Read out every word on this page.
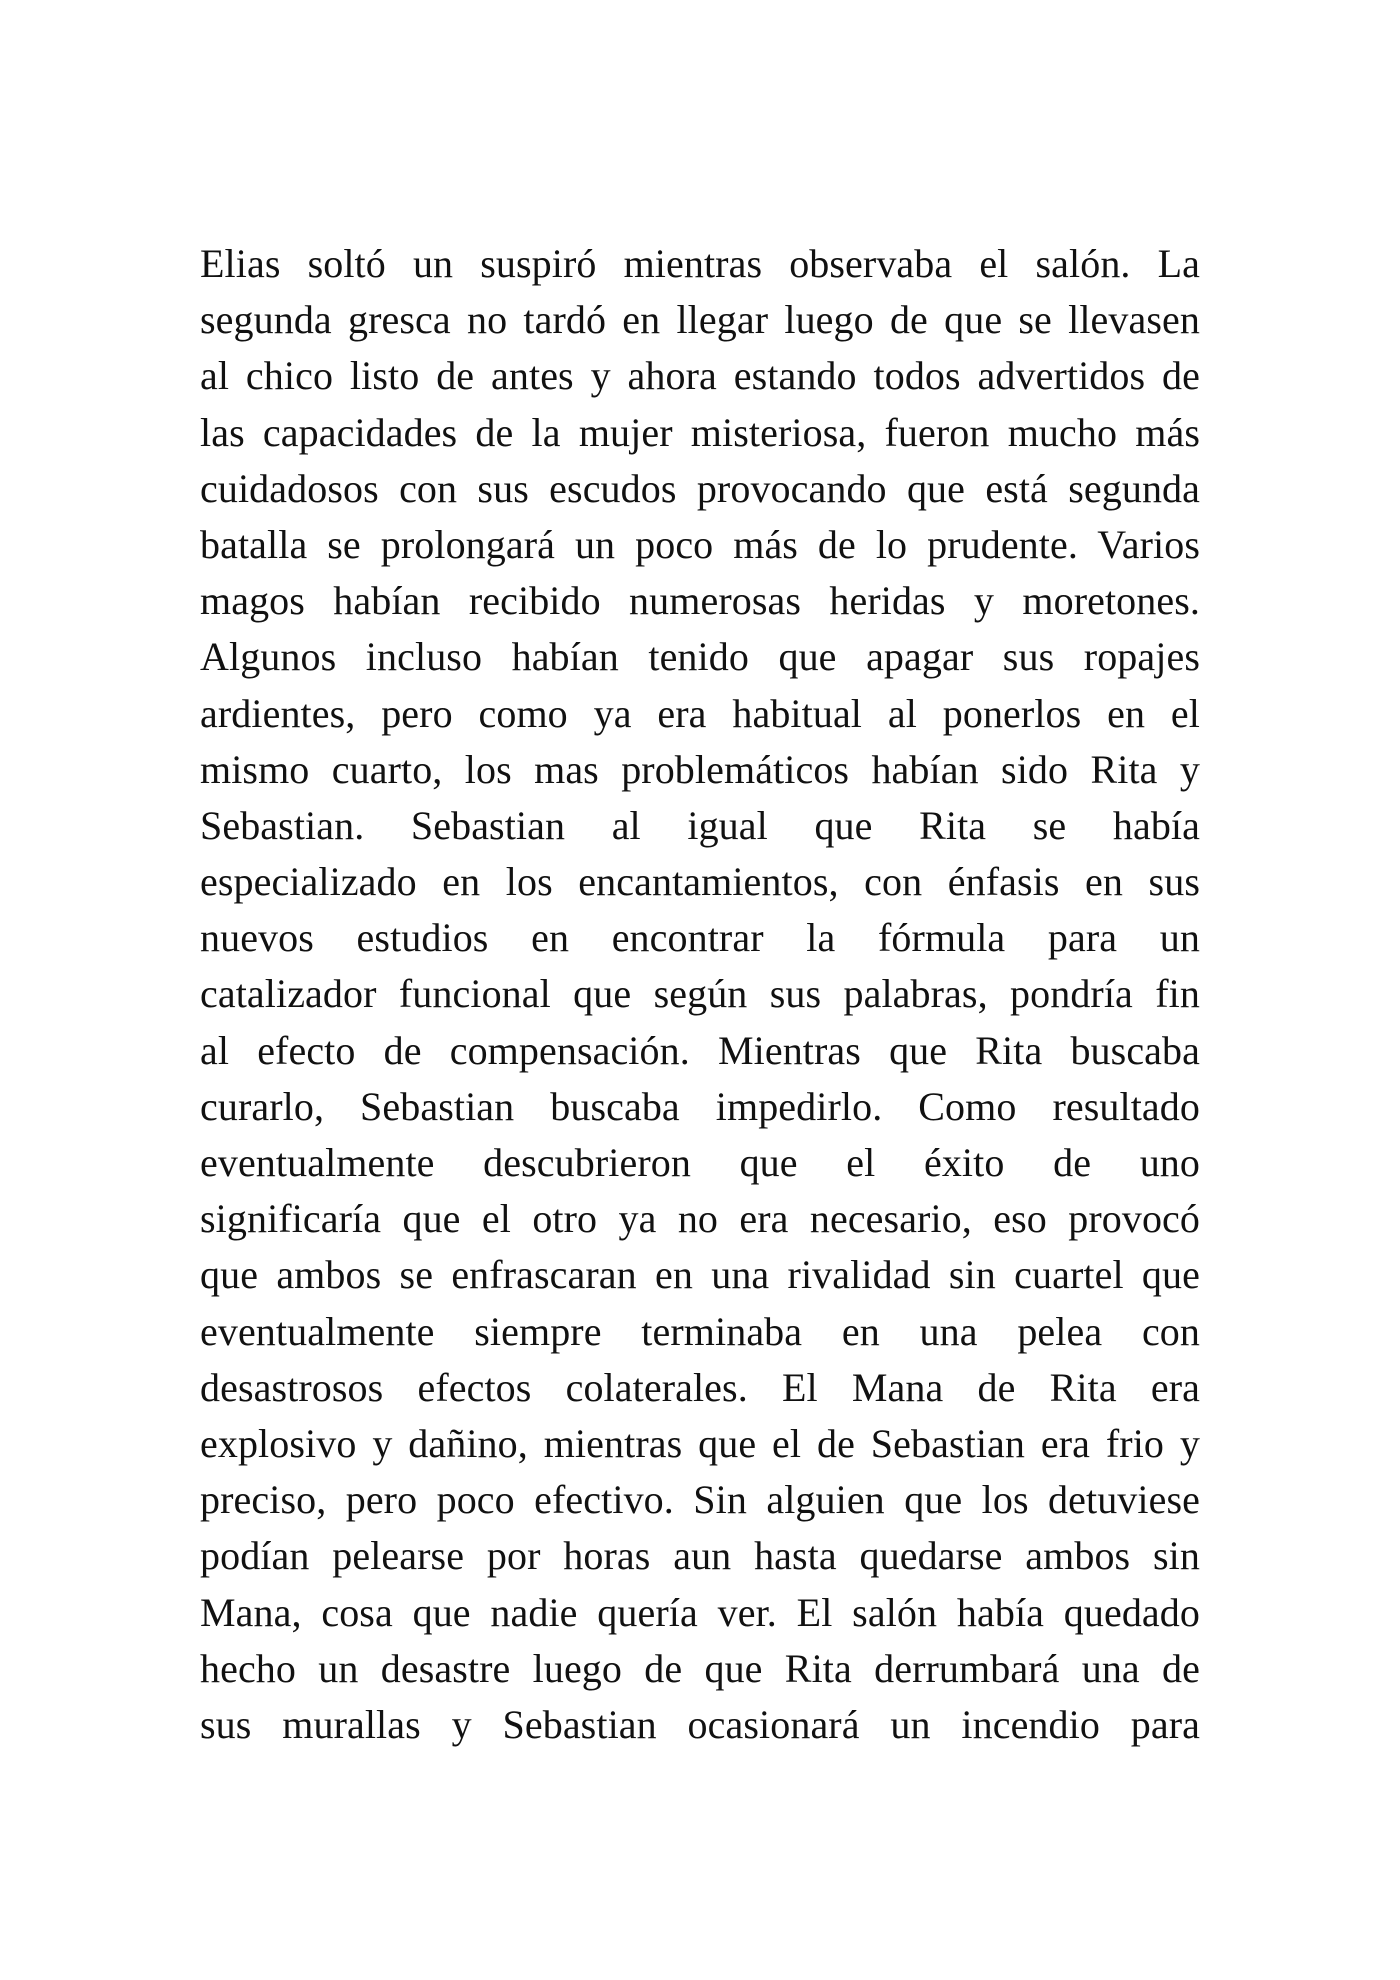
Elias soltó un suspiró mientras observaba el salón. La
segunda gresca no tardó en llegar luego de que se llevasen
al chico listo de antes y ahora estando todos advertidos de
las capacidades de la mujer misteriosa, fueron mucho más
cuidadosos con sus escudos provocando que está segunda
batalla se prolongará un poco más de lo prudente. Varios
magos habían recibido numerosas heridas y moretones.
Algunos incluso habían tenido que apagar sus ropajes
ardientes, pero como ya era habitual al ponerlos en el
mismo cuarto, los mas problemáticos habían sido Rita y
Sebastian. Sebastian al igual que Rita se había
especializado en los encantamientos, con énfasis en sus
nuevos estudios en encontrar la fórmula para un
catalizador funcional que según sus palabras, pondría fin
al efecto de compensación. Mientras que Rita buscaba
curarlo, Sebastian buscaba impedirlo. Como resultado
eventualmente descubrieron que el éxito de uno
significaría que el otro ya no era necesario, eso provocó
que ambos se enfrascaran en una rivalidad sin cuartel que
eventualmente siempre terminaba en una pelea con
desastrosos efectos colaterales. El Mana de Rita era
explosivo y dañino, mientras que el de Sebastian era frio y
preciso, pero poco efectivo. Sin alguien que los detuviese
podían pelearse por horas aun hasta quedarse ambos sin
Mana, cosa que nadie quería ver. El salón había quedado
hecho un desastre luego de que Rita derrumbará una de
sus murallas y Sebastian ocasionará un incendio para
